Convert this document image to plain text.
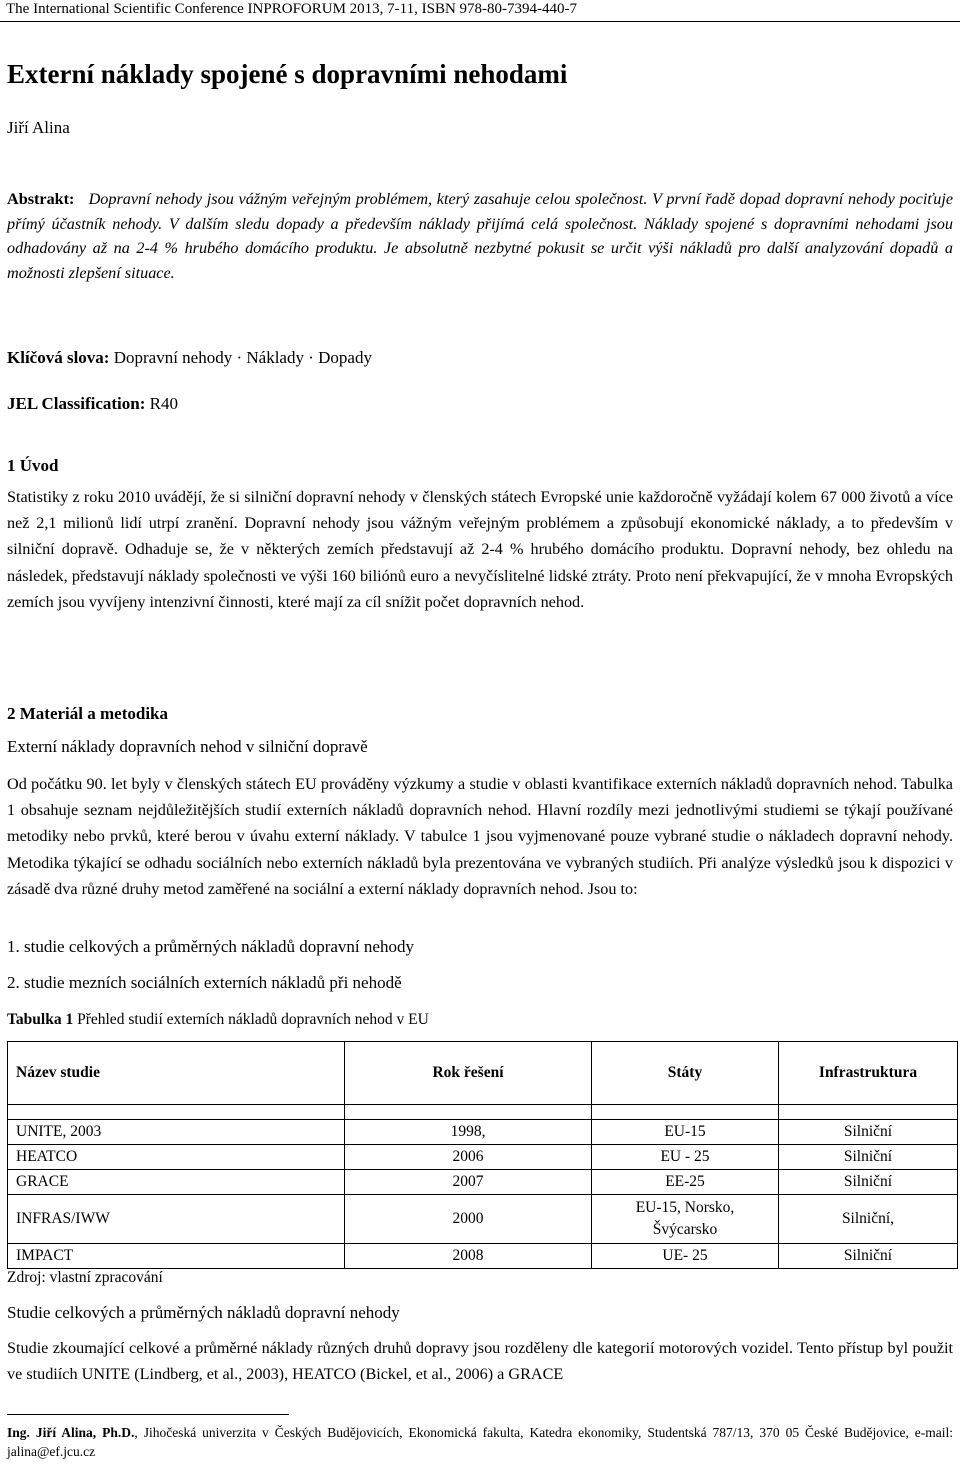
The International Scientific Conference INPROFORUM 2013, 7-11, ISBN 978-80-7394-440-7
Externí náklady spojené s dopravními nehodami
Jiří Alina

Abstrakt: Dopravní nehody jsou vážným veřejným problémem, který zasahuje celou společnost. V první řadě dopad dopravní nehody pociťuje přímý účastník nehody. V dalším sledu dopady a především náklady přijímá celá společnost. Náklady spojené s dopravními nehodami jsou odhadovány až na 2-4 % hrubého domácího produktu. Je absolutně nezbytné pokusit se určit výši nákladů pro další analyzování dopadů a možnosti zlepšení situace.

Klíčová slova: Dopravní nehody · Náklady · Dopady
JEL Classification: R40
1 Úvod

Statistiky z roku 2010 uvádějí, že si silniční dopravní nehody v členských státech Evropské unie každoročně vyžádají kolem 67 000 životů a více než 2,1 milionů lidí utrpí zranění. Dopravní nehody jsou vážným veřejným problémem a způsobují ekonomické náklady, a to především v silniční dopravě. Odhaduje se, že v některých zemích představují až 2-4 % hrubého domácího produktu. Dopravní nehody, bez ohledu na následek, představují náklady společnosti ve výši 160 biliónů euro a nevyčíslitelné lidské ztráty. Proto není překvapující, že v mnoha Evropských zemích jsou vyvíjeny intenzivní činnosti, které mají za cíl snížit počet dopravních nehod.

2 Materiál a metodika
Externí náklady dopravních nehod v silniční dopravě

Od počátku 90. let byly v členských státech EU prováděny výzkumy a studie v oblasti kvantifikace externích nákladů dopravních nehod. Tabulka 1 obsahuje seznam nejdůležitějších studií externích nákladů dopravních nehod. Hlavní rozdíly mezi jednotlivými studiemi se týkají používané metodiky nebo prvků, které berou v úvahu externí náklady. V tabulce 1 jsou vyjmenované pouze vybrané studie o nákladech dopravní nehody. Metodika týkající se odhadu sociálních nebo externích nákladů byla prezentována ve vybraných studiích. Při analýze výsledků jsou k dispozici v zásadě dva různé druhy metod zaměřené na sociální a externí náklady dopravních nehod. Jsou to:

1. studie celkových a průměrných nákladů dopravní nehody
2. studie mezních sociálních externích nákladů při nehodě
Tabulka 1 Přehled studií externích nákladů dopravních nehod v EU
Název studie	Rok řešení	Státy	Infrastruktura

UNITE, 2003	1998,	EU-15	Silniční
HEATCO	2006	EU - 25	Silniční
GRACE	2007	EE-25	Silniční
INFRAS/IWW	2000	EU-15, Norsko, Švýcarsko	Silniční,
IMPACT	2008	UE- 25	Silniční
Zdroj: vlastní zpracování
Studie celkových a průměrných nákladů dopravní nehody

Studie zkoumající celkové a průměrné náklady různých druhů dopravy jsou rozděleny dle kategorií motorových vozidel. Tento přístup byl použit ve studiích UNITE (Lindberg, et al., 2003), HEATCO (Bickel, et al., 2006) a GRACE

Ing. Jiří Alina, Ph.D., Jihočeská univerzita v Českých Budějovicích, Ekonomická fakulta, Katedra ekonomiky, Studentská 787/13, 370 05 České Budějovice, e-mail: jalina@ef.jcu.cz
